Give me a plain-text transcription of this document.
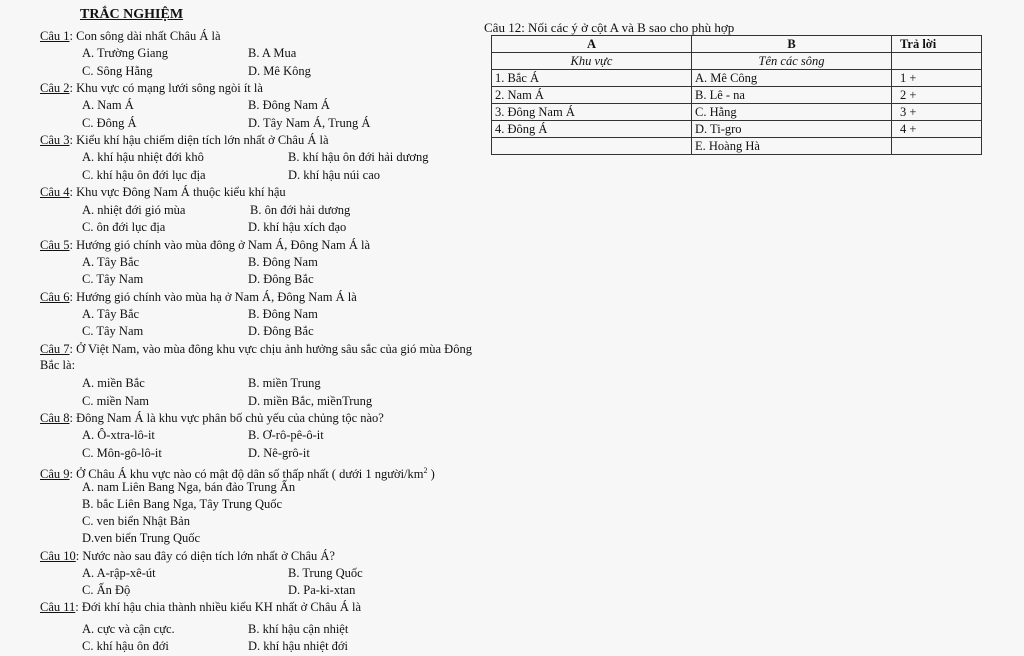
TRẮC NGHIỆM
Câu 1: Con sông dài nhất Châu Á là
A. Trường Giang	B. A Mua
C. Sông Hằng	D. Mê Kông
Câu 2: Khu vực có mạng lưới sông ngòi ít là
A. Nam Á	B. Đông Nam Á
C. Đông Á	D. Tây Nam Á, Trung Á
Câu 3: Kiểu khí hậu chiếm diện tích lớn nhất ở Châu Á là
A. khí hậu nhiệt đới khô	B. khí hậu ôn đới hải dương
C. khí hậu ôn đới lục địa	D. khí hậu núi cao
Câu 4: Khu vực Đông Nam Á thuộc kiểu khí hậu
A. nhiệt đới gió mùa	B. ôn đới hải dương
C. ôn đới lục địa	D. khí hậu xích đạo
Câu 5: Hướng gió chính vào mùa đông ở Nam Á, Đông Nam Á là
A. Tây Bắc	B. Đông Nam
C. Tây Nam	D. Đông Bắc
Câu 6: Hướng gió chính vào mùa hạ ở Nam Á, Đông Nam Á là
A. Tây Bắc	B. Đông Nam
C. Tây Nam	D. Đông Bắc
Câu 7: Ở Việt Nam, vào mùa đông khu vực chịu ảnh hưởng sâu sắc của gió mùa Đông
Bắc là:
A. miền Bắc	B. miền Trung
C. miền Nam	D. miền Bắc, miềnTrung
Câu 8: Đông Nam Á là khu vực phân bố chủ yếu của chủng tộc nào?
A. Ô-xtra-lô-it	B. Ơ-rô-pê-ô-it
C. Môn-gô-lô-it	D. Nê-grô-it
Câu 9: Ở Châu Á khu vực nào có mật độ dân số thấp nhất ( dưới 1 người/$km^2$ )
A. nam Liên Bang Nga, bán đảo Trung Ấn
B. bắc Liên Bang Nga, Tây Trung Quốc
C. ven biển Nhật Bản
D.ven biển Trung Quốc
Câu 10: Nước nào sau đây có diện tích lớn nhất ở Châu Á?
A. A-rập-xê-út	B. Trung Quốc
C. Ấn Độ	D. Pa-ki-xtan
Câu 11: Đới khí hậu chia thành nhiều kiểu KH nhất ở Châu Á là
A. cực và cận cực.	B. khí hậu cận nhiệt
C. khí hậu ôn đới	D. khí hậu nhiệt đới
Câu 12: Nối các ý ở cột A và B sao cho phù hợp
A	B	Trả lời
Khu vực	Tên các sông	
1. Bắc Á	A. Mê Công	1 +
2. Nam Á	B. Lê - na	2 +
3. Đông Nam Á	C. Hằng	3 +
4. Đông Á	D. Ti-gro	4 +
	E. Hoàng Hà	
